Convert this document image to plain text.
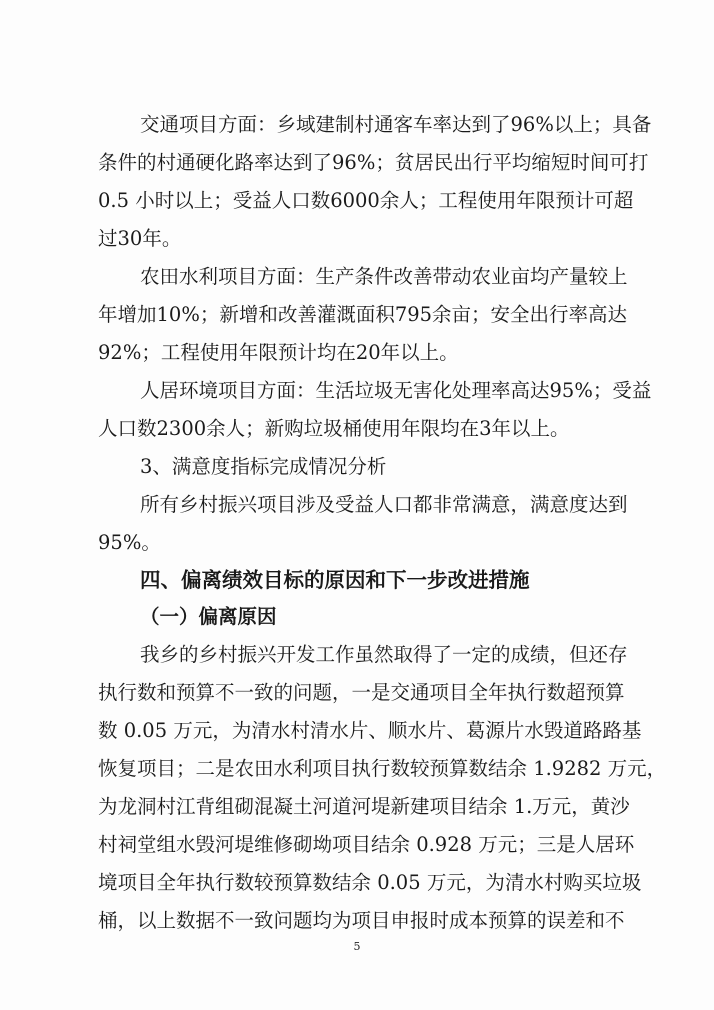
交通项目方面：乡域建制村通客车率达到了96%以上；具备
条件的村通硬化路率达到了96%；贫居民出行平均缩短时间可打
0.5 小时以上；受益人口数6000余人；工程使用年限预计可超
过30年。
农田水利项目方面：生产条件改善带动农业亩均产量较上
年增加10%；新增和改善灌溉面积795余亩；安全出行率高达
92%；工程使用年限预计均在20年以上。
人居环境项目方面：生活垃圾无害化处理率高达95%；受益
人口数2300余人；新购垃圾桶使用年限均在3年以上。
3、满意度指标完成情况分析
所有乡村振兴项目涉及受益人口都非常满意，满意度达到
95%。
四、偏离绩效目标的原因和下一步改进措施
（一）偏离原因
我乡的乡村振兴开发工作虽然取得了一定的成绩，但还存
执行数和预算不一致的问题，一是交通项目全年执行数超预算
数 0.05 万元，为清水村清水片、顺水片、葛源片水毁道路路基
恢复项目；二是农田水利项目执行数较预算数结余 1.9282 万元，
为龙洞村江背组砌混凝土河道河堤新建项目结余 1.万元，黄沙
村祠堂组水毁河堤维修砌坳项目结余 0.928 万元；三是人居环
境项目全年执行数较预算数结余 0.05 万元，为清水村购买垃圾
桶，以上数据不一致问题均为项目申报时成本预算的误差和不
5
